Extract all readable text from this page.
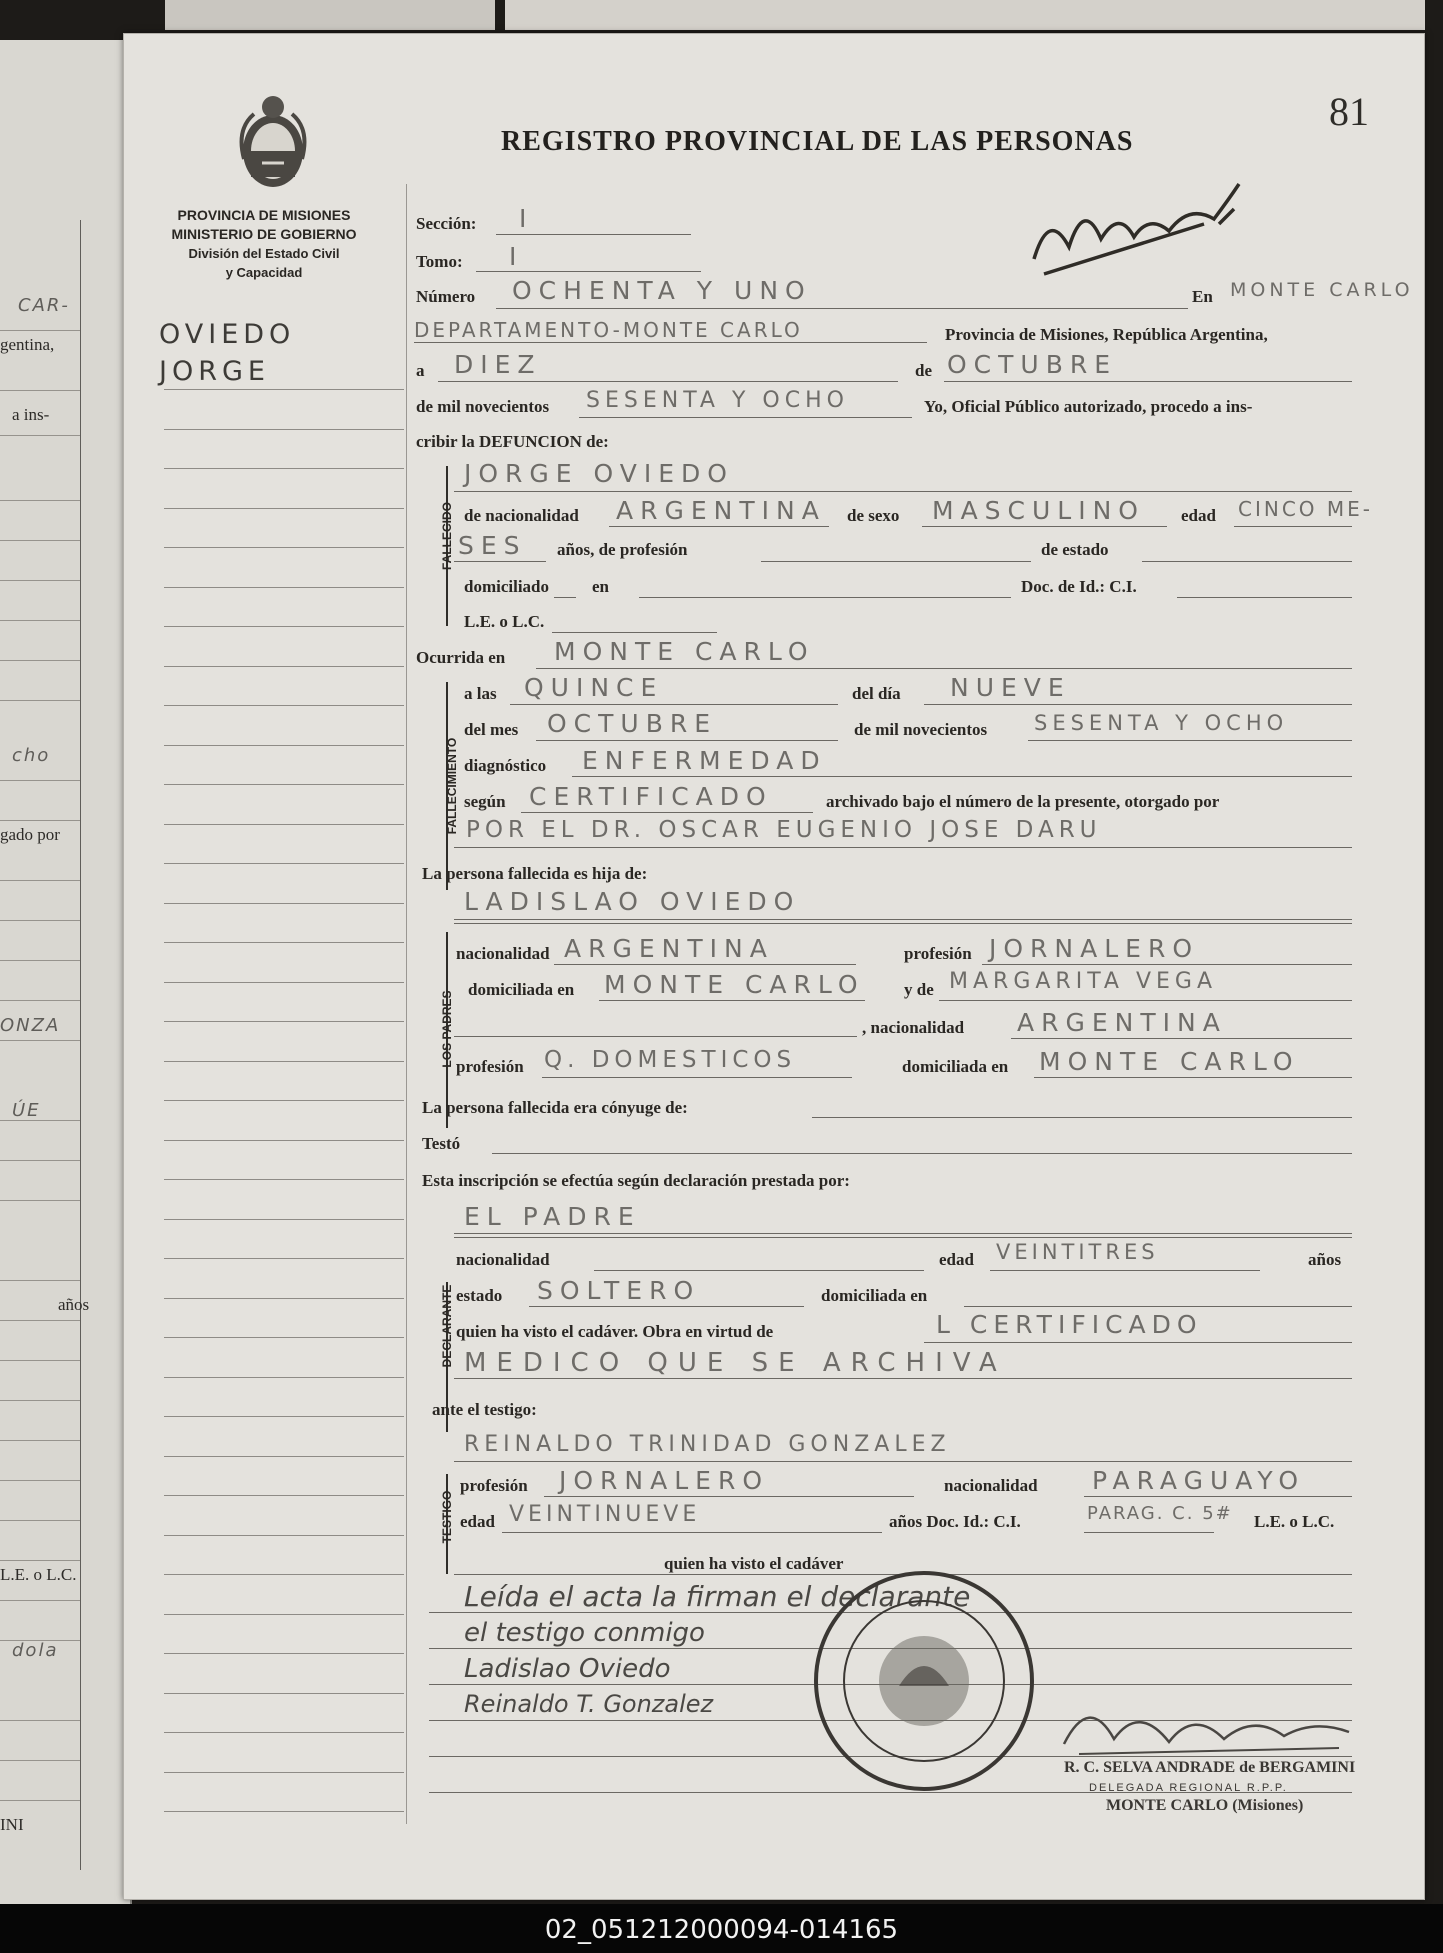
CAR-
gentina,
a ins-
cho
gado por
ONZA
ÚE
años
L.E. o L.C.
dola
INI
PROVINCIA DE MISIONES
MINISTERIO DE GOBIERNO
División del Estado Civil
y Capacidad
REGISTRO PROVINCIAL DE LAS PERSONAS
81
OVIEDO
JORGE
Sección: I
Tomo: I
Número OCHENTA Y UNO	En MONTE CARLO
DEPARTAMENTO-MONTE CARLO	Provincia de Misiones, República Argentina,
a DIEZ	de OCTUBRE
de mil novecientos SESENTA Y OCHO	Yo, Oficial Público autorizado, procedo a ins-
cribir la DEFUNCION de:
FALLECIDO
JORGE OVIEDO
de nacionalidad ARGENTINA de sexo MASCULINO edad CINCO ME-
SES años, de profesión	de estado
domiciliado	en	Doc. de Id.: C.I.
L.E. o L.C.
Ocurrida en MONTE CARLO
FALLECIMIENTO
a las QUINCE	del día NUEVE
del mes OCTUBRE	de mil novecientos SESENTA Y OCHO
diagnóstico ENFERMEDAD
según CERTIFICADO	archivado bajo el número de la presente, otorgado por
POR EL DR. OSCAR EUGENIO JOSE DARU
La persona fallecida es hija de:
LOS PADRES
LADISLAO OVIEDO
nacionalidad ARGENTINA	profesión JORNALERO
domiciliada en MONTE CARLO y de MARGARITA VEGA
, nacionalidad ARGENTINA
profesión Q. DOMESTICOS	domiciliada en MONTE CARLO
La persona fallecida era cónyuge de:
Testó
Esta inscripción se efectúa según declaración prestada por:
DECLARANTE
EL PADRE
nacionalidad	edad VEINTITRES	años
estado SOLTERO	domiciliada en
quien ha visto el cadáver. Obra en virtud de	L CERTIFICADO
MEDICO QUE SE ARCHIVA
ante el testigo:
TESTIGO
REINALDO TRINIDAD GONZALEZ
profesión JORNALERO	nacionalidad PARAGUAYO
edad VEINTINUEVE	años Doc. Id.: C.I.	PARAG. C. 5# L.E. o L.C.
quien ha visto el cadáver
Leída el acta la firman el declarante
el testigo conmigo
Ladislao Oviedo
Reinaldo T. Gonzalez
R. C. SELVA ANDRADE de BERGAMINI
DELEGADA REGIONAL R.P.P.
MONTE CARLO (Misiones)
02_051212000094-014165
